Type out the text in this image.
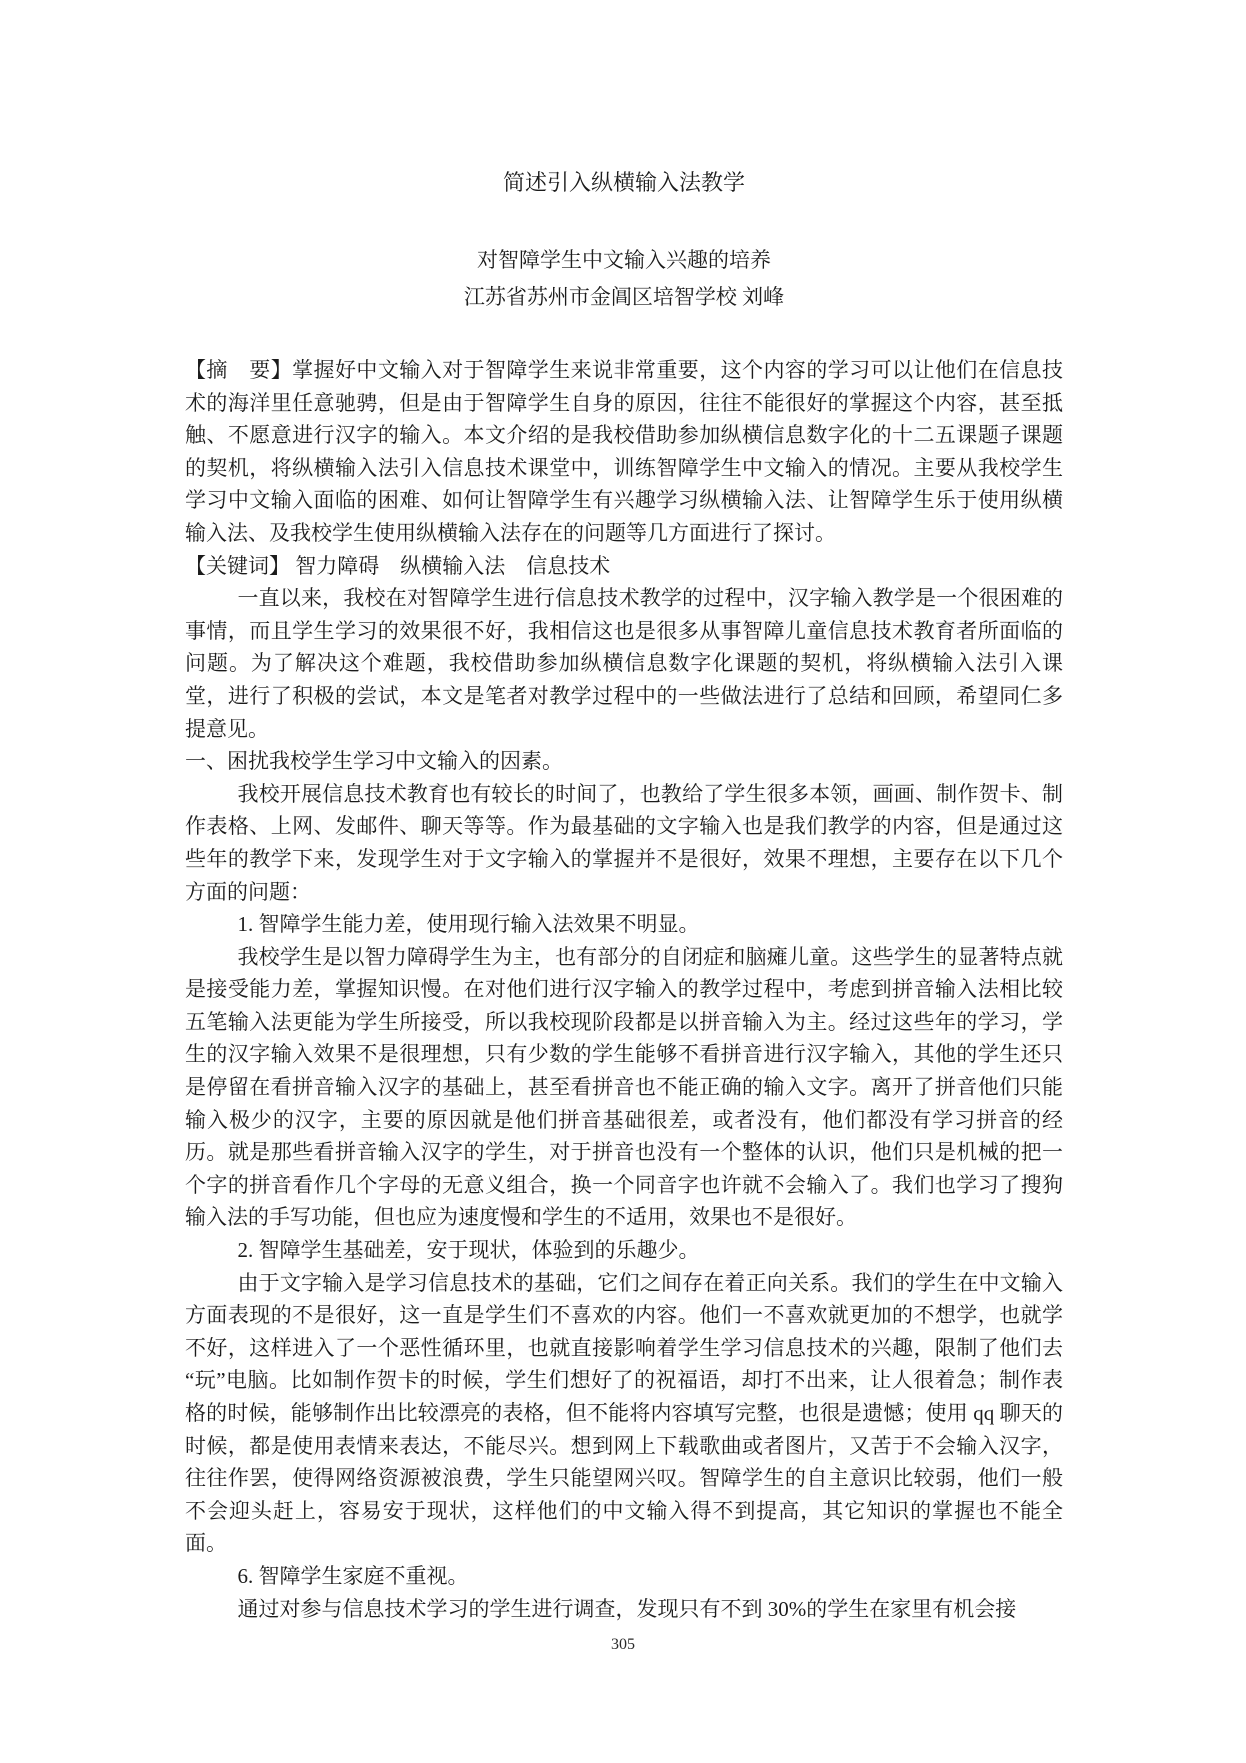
简述引入纵横输入法教学
对智障学生中文输入兴趣的培养
江苏省苏州市金阊区培智学校 刘峰

【摘　要】掌握好中文输入对于智障学生来说非常重要，这个内容的学习可以让他们在信息技术的海洋里任意驰骋，但是由于智障学生自身的原因，往往不能很好的掌握这个内容，甚至抵触、不愿意进行汉字的输入。本文介绍的是我校借助参加纵横信息数字化的十二五课题子课题的契机，将纵横输入法引入信息技术课堂中，训练智障学生中文输入的情况。主要从我校学生学习中文输入面临的困难、如何让智障学生有兴趣学习纵横输入法、让智障学生乐于使用纵横输入法、及我校学生使用纵横输入法存在的问题等几方面进行了探讨。

【关键词】 智力障碍　纵横输入法　信息技术

一直以来，我校在对智障学生进行信息技术教学的过程中，汉字输入教学是一个很困难的事情，而且学生学习的效果很不好，我相信这也是很多从事智障儿童信息技术教育者所面临的问题。为了解决这个难题，我校借助参加纵横信息数字化课题的契机，将纵横输入法引入课堂，进行了积极的尝试，本文是笔者对教学过程中的一些做法进行了总结和回顾，希望同仁多提意见。

一、困扰我校学生学习中文输入的因素。

我校开展信息技术教育也有较长的时间了，也教给了学生很多本领，画画、制作贺卡、制作表格、上网、发邮件、聊天等等。作为最基础的文字输入也是我们教学的内容，但是通过这些年的教学下来，发现学生对于文字输入的掌握并不是很好，效果不理想，主要存在以下几个方面的问题：

1. 智障学生能力差，使用现行输入法效果不明显。

我校学生是以智力障碍学生为主，也有部分的自闭症和脑瘫儿童。这些学生的显著特点就是接受能力差，掌握知识慢。在对他们进行汉字输入的教学过程中，考虑到拼音输入法相比较五笔输入法更能为学生所接受，所以我校现阶段都是以拼音输入为主。经过这些年的学习，学生的汉字输入效果不是很理想，只有少数的学生能够不看拼音进行汉字输入，其他的学生还只是停留在看拼音输入汉字的基础上，甚至看拼音也不能正确的输入文字。离开了拼音他们只能输入极少的汉字，主要的原因就是他们拼音基础很差，或者没有，他们都没有学习拼音的经历。就是那些看拼音输入汉字的学生，对于拼音也没有一个整体的认识，他们只是机械的把一个字的拼音看作几个字母的无意义组合，换一个同音字也许就不会输入了。我们也学习了搜狗输入法的手写功能，但也应为速度慢和学生的不适用，效果也不是很好。

2. 智障学生基础差，安于现状，体验到的乐趣少。

由于文字输入是学习信息技术的基础，它们之间存在着正向关系。我们的学生在中文输入方面表现的不是很好，这一直是学生们不喜欢的内容。他们一不喜欢就更加的不想学，也就学不好，这样进入了一个恶性循环里，也就直接影响着学生学习信息技术的兴趣，限制了他们去“玩”电脑。比如制作贺卡的时候，学生们想好了的祝福语，却打不出来，让人很着急；制作表格的时候，能够制作出比较漂亮的表格，但不能将内容填写完整，也很是遗憾；使用 qq 聊天的时候，都是使用表情来表达，不能尽兴。想到网上下载歌曲或者图片，又苦于不会输入汉字，往往作罢，使得网络资源被浪费，学生只能望网兴叹。智障学生的自主意识比较弱，他们一般不会迎头赶上，容易安于现状，这样他们的中文输入得不到提高，其它知识的掌握也不能全面。

6. 智障学生家庭不重视。

通过对参与信息技术学习的学生进行调查，发现只有不到 30%的学生在家里有机会接

305
